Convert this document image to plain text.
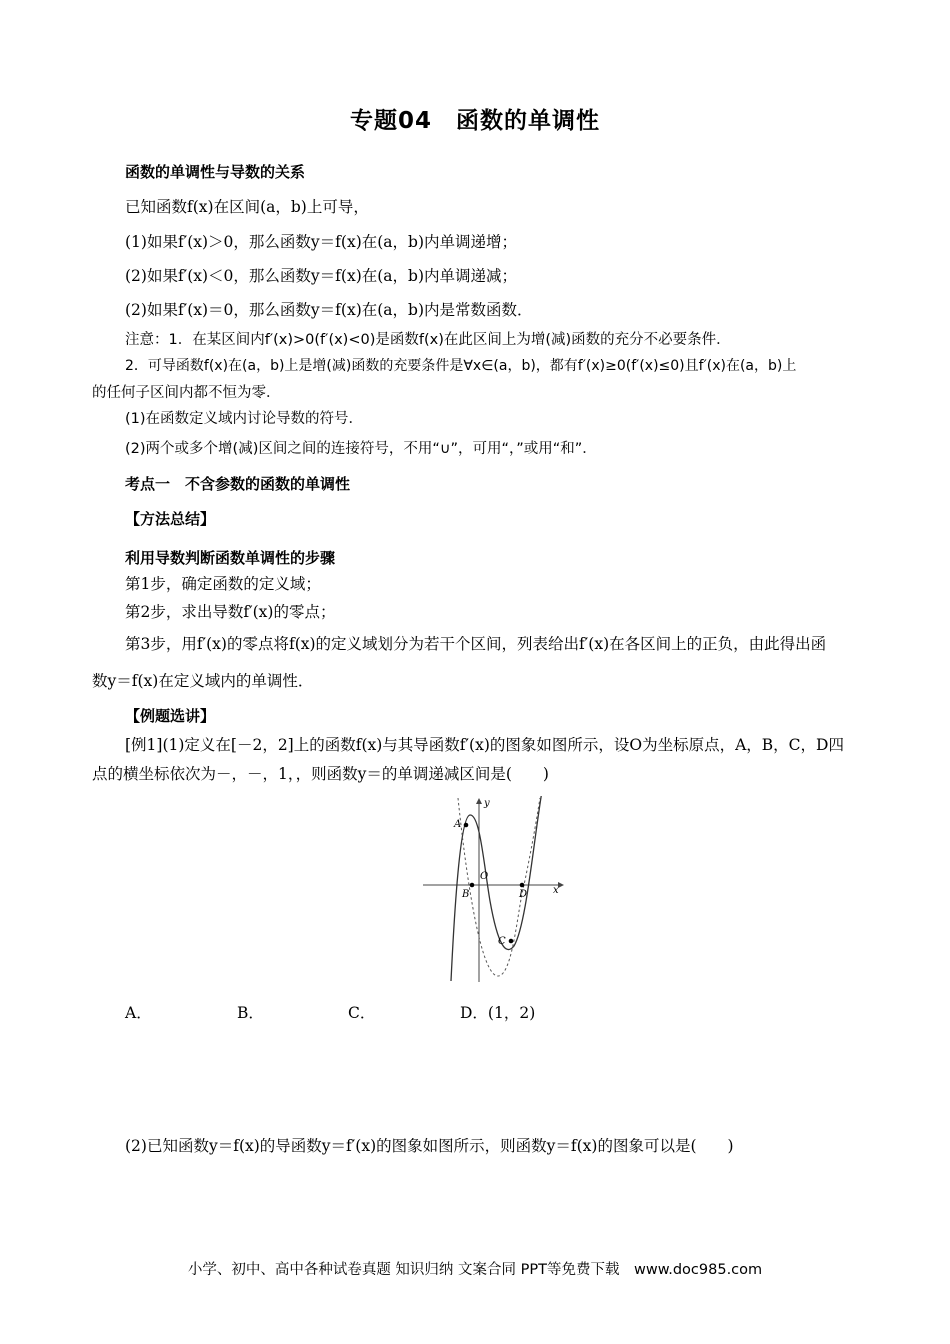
专题04　函数的单调性
函数的单调性与导数的关系
已知函数f(x)在区间(a，b)上可导，
(1)如果f′(x)＞0，那么函数y＝f(x)在(a，b)内单调递增；
(2)如果f′(x)＜0，那么函数y＝f(x)在(a，b)内单调递减；
(2)如果f′(x)＝0，那么函数y＝f(x)在(a，b)内是常数函数．
注意：1．在某区间内f′(x)>0(f′(x)<0)是函数f(x)在此区间上为增(减)函数的充分不必要条件．
2．可导函数f(x)在(a，b)上是增(减)函数的充要条件是∀x∈(a，b)，都有f′(x)≥0(f′(x)≤0)且f′(x)在(a，b)上
的任何子区间内都不恒为零．
(1)在函数定义域内讨论导数的符号．
(2)两个或多个增(减)区间之间的连接符号，不用“∪”，可用“，”或用“和”．
考点一　不含参数的函数的单调性
【方法总结】
利用导数判断函数单调性的步骤
第1步，确定函数的定义域；
第2步，求出导数f′(x)的零点；
第3步，用f′(x)的零点将f(x)的定义域划分为若干个区间，列表给出f′(x)在各区间上的正负，由此得出函
数y＝f(x)在定义域内的单调性．
【例题选讲】
[例1](1)定义在[－2，2]上的函数f(x)与其导函数f′(x)的图象如图所示，设O为坐标原点，A，B，C，D四
点的横坐标依次为－，－，1，，则函数y＝的单调递减区间是(　　)
y
x
A
B
O
C
D
A．	B．	C．	D．(1，2)
(2)已知函数y＝f(x)的导函数y＝f′(x)的图象如图所示，则函数y＝f(x)的图象可以是(　　)
小学、初中、高中各种试卷真题 知识归纳 文案合同 PPT等免费下载　www.doc985.com
